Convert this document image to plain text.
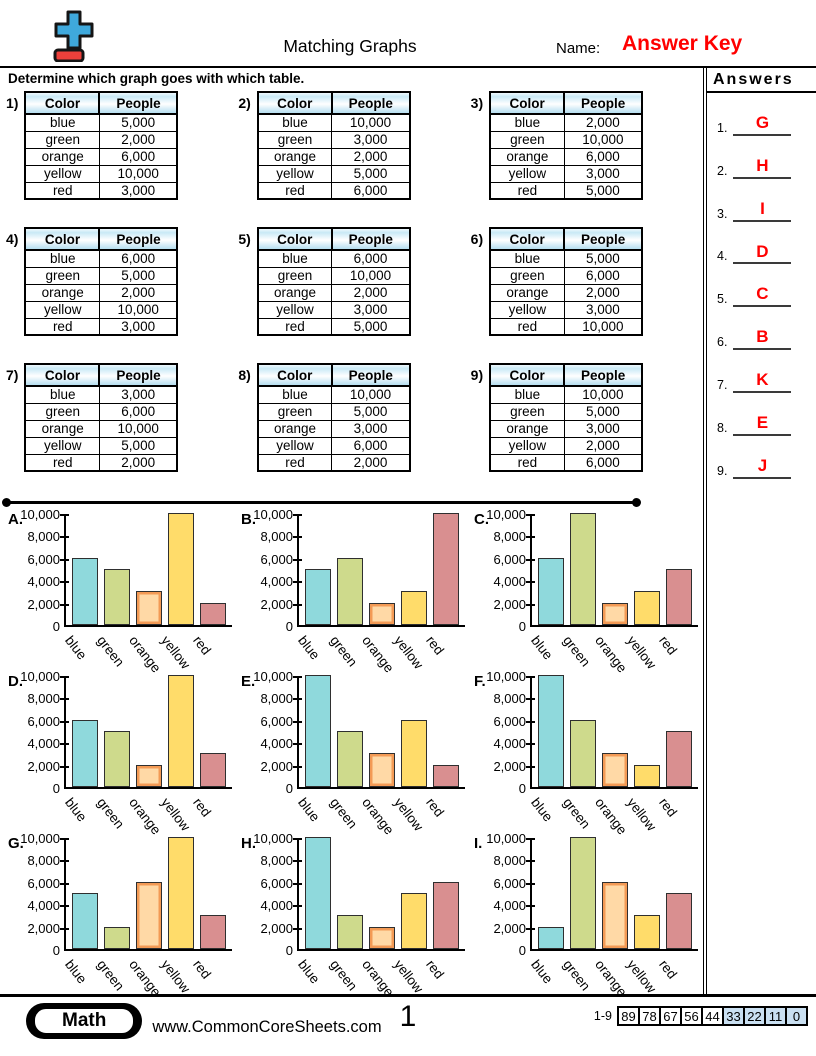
Matching Graphs	Name: Answer Key
Determine which graph goes with which table.
1) Color	People
blue	5,000
green	2,000
orange	6,000
yellow	10,000
red	3,000
2) Color	People
blue	10,000
green	3,000
orange	2,000
yellow	5,000
red	6,000
3) Color	People
blue	2,000
green	10,000
orange	6,000
yellow	3,000
red	5,000
4) Color	People
blue	6,000
green	5,000
orange	2,000
yellow	10,000
red	3,000
5) Color	People
blue	6,000
green	10,000
orange	2,000
yellow	3,000
red	5,000
6) Color	People
blue	5,000
green	6,000
orange	2,000
yellow	3,000
red	10,000
7) Color	People
blue	3,000
green	6,000
orange	10,000
yellow	5,000
red	2,000
8) Color	People
blue	10,000
green	5,000
orange	3,000
yellow	6,000
red	2,000
9) Color	People
blue	10,000
green	5,000
orange	3,000
yellow	2,000
red	6,000
A.
10,000
8,000
6,000
4,000
2,000
0
blue green
orange
yellow
red
B.
10,000
8,000
6,000
4,000
2,000
0
blue green
orange
yellow
red
C.
10,000
8,000
6,000
4,000
2,000
0
blue green
orange
yellow
red
D.
10,000
8,000
6,000
4,000
2,000
0
blue green
orange
yellow
red
E.
10,000
8,000
6,000
4,000
2,000
0
blue green
orange
yellow
red
F. 10,000
8,000
6,000
4,000
2,000
0
blue green
orange
yellow
red
G.
10,000
8,000
6,000
4,000
2,000
0
blue green
orange
yellow
red
H.
10,000
8,000
6,000
4,000
2,000
0
blue green
orange
yellow
red
I. 10,000
8,000
6,000
4,000
2,000
0
blue green
orange
yellow
red
Answers
1.	G
2.	H
3.	I
4.	D
5.	C
6.	B
7.	K
8.	E
9.	J
Math	www.CommonCoreSheets.com 1	1-9 89 78 67 56 44 33 22 11 0
